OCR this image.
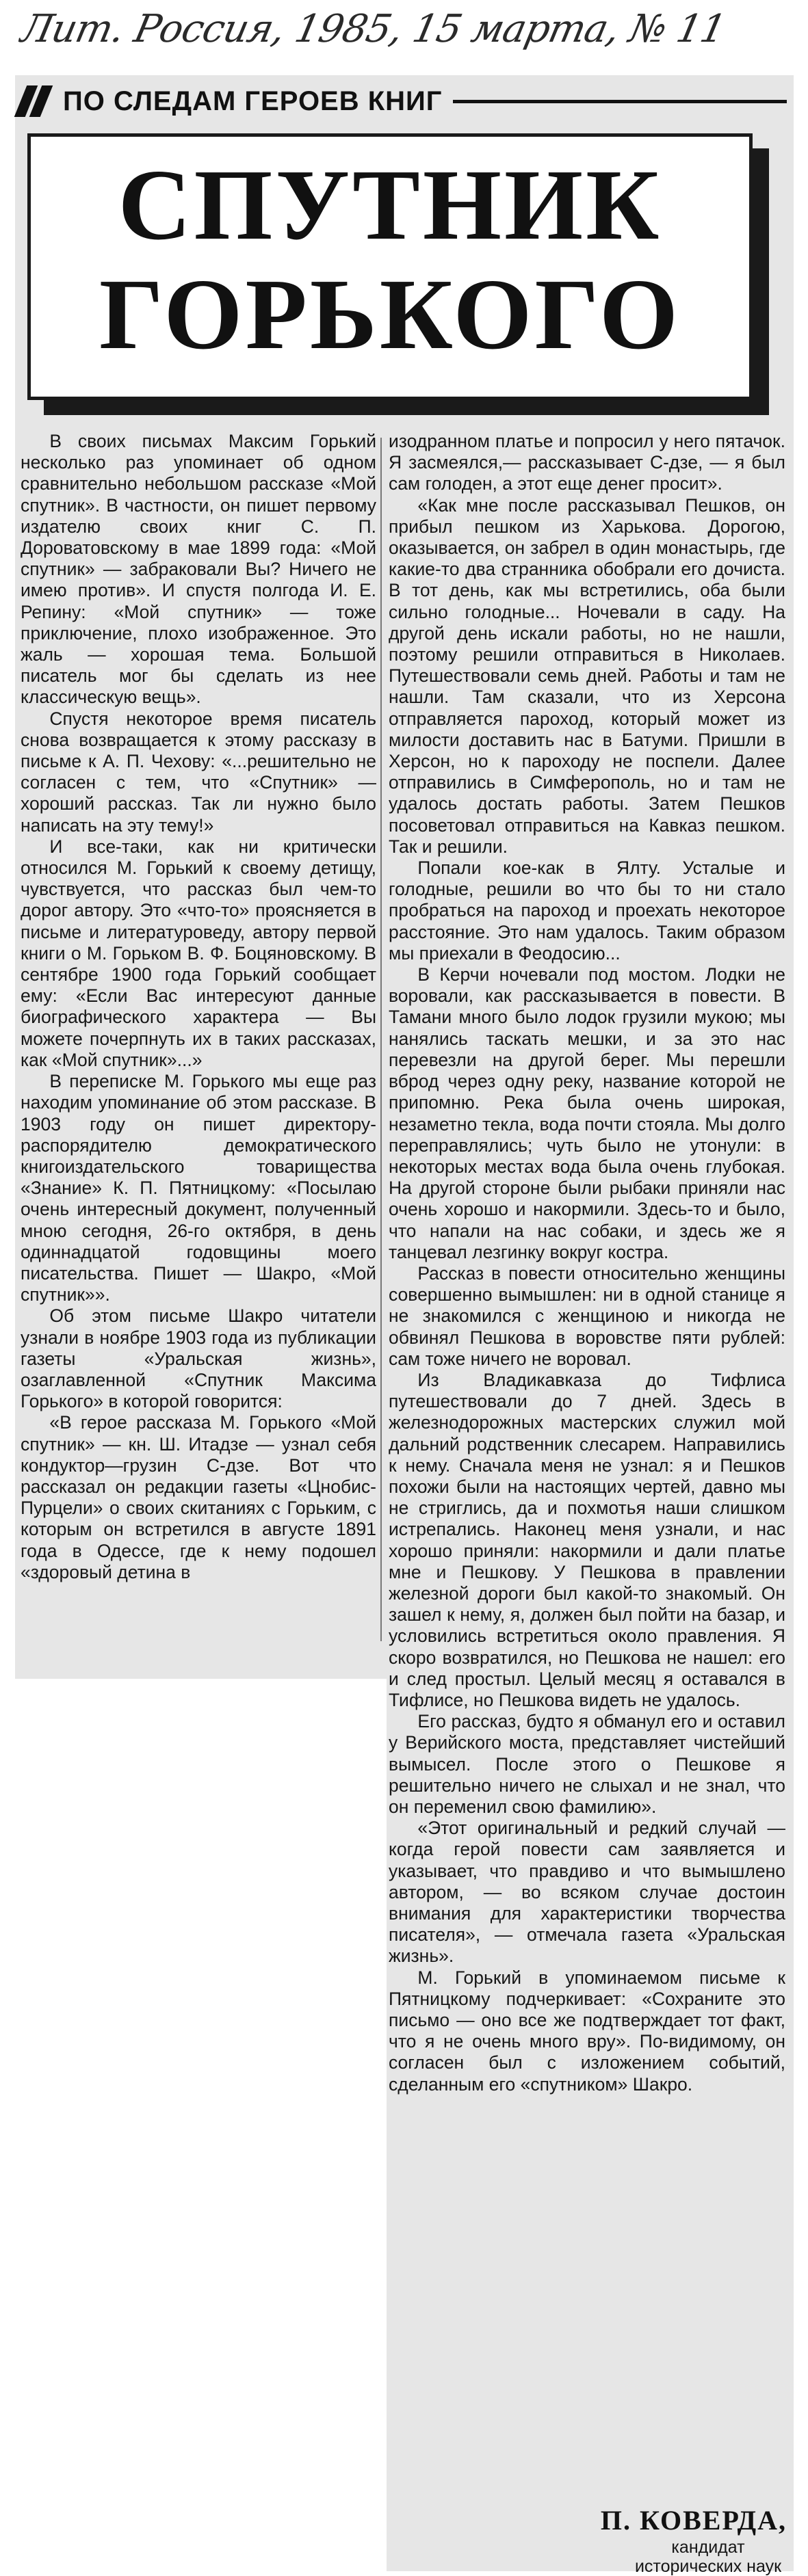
Лит. Россия, 1985, 15 марта, № 11
ПО СЛЕДАМ ГЕРОЕВ КНИГ
СПУТНИК
ГОРЬКОГО

В своих письмах Максим Горький несколько раз упоминает об одном сравнительно небольшом рассказе «Мой спутник». В частности, он пишет первому издателю своих книг С. П. Дороватовскому в мае 1899 года: «Мой спутник» — забраковали Вы? Ничего не имею против». И спустя полгода И. Е. Репину: «Мой спутник» — тоже приключение, плохо изображенное. Это жаль — хорошая тема. Большой писатель мог бы сделать из нее классическую вещь».

Спустя некоторое время писатель снова возвращается к этому рассказу в письме к А. П. Чехову: «...решительно не согласен с тем, что «Спутник» — хороший рассказ. Так ли нужно было написать на эту тему!»

И все-таки, как ни критически относился М. Горький к своему детищу, чувствуется, что рассказ был чем-то дорог автору. Это «что-то» проясняется в письме и литературоведу, автору первой книги о М. Горьком В. Ф. Боцяновскому. В сентябре 1900 года Горький сообщает ему: «Если Вас интересуют данные биографического характера — Вы можете почерпнуть их в таких рассказах, как «Мой спутник»...»

В переписке М. Горького мы еще раз находим упоминание об этом рассказе. В 1903 году он пишет директору-распорядителю демократического книгоиздательского товарищества «Знание» К. П. Пятницкому: «Посылаю очень интересный документ, полученный мною сегодня, 26-го октября, в день одиннадцатой годовщины моего писательства. Пишет — Шакро, «Мой спутник»».

Об этом письме Шакро читатели узнали в ноябре 1903 года из публикации газеты «Уральская жизнь», озаглавленной «Спутник Максима Горького» в которой говорится:

«В герое рассказа М. Горького «Мой спутник» — кн. Ш. Итадзе — узнал себя кондуктор—грузин С-дзе. Вот что рассказал он редакции газеты «Цнобис-Пурцели» о своих скитаниях с Горьким, с которым он встретился в августе 1891 года в Одессе, где к нему подошел «здоровый детина в

изодранном платье и попросил у него пятачок. Я засмеялся,— рассказывает С-дзе, — я был сам голоден, а этот еще денег просит».

«Как мне после рассказывал Пешков, он прибыл пешком из Харькова. Дорогою, оказывается, он забрел в один монастырь, где какие-то два странника обобрали его дочиста. В тот день, как мы встретились, оба были сильно голодные... Ночевали в саду. На другой день искали работы, но не нашли, поэтому решили отправиться в Николаев. Путешествовали семь дней. Работы и там не нашли. Там сказали, что из Херсона отправляется пароход, который может из милости доставить нас в Батуми. Пришли в Херсон, но к пароходу не поспели. Далее отправились в Симферополь, но и там не удалось достать работы. Затем Пешков посоветовал отправиться на Кавказ пешком. Так и решили.

Попали кое-как в Ялту. Усталые и голодные, решили во что бы то ни стало пробраться на пароход и проехать некоторое расстояние. Это нам удалось. Таким образом мы приехали в Феодосию...

В Керчи ночевали под мостом. Лодки не воровали, как рассказывается в повести. В Тамани много было лодок грузили мукою; мы нанялись таскать мешки, и за это нас перевезли на другой берег. Мы перешли вброд через одну реку, название которой не припомню. Река была очень широкая, незаметно текла, вода почти стояла. Мы долго переправлялись; чуть было не утонули: в некоторых местах вода была очень глубокая. На другой стороне были рыбаки приняли нас очень хорошо и накормили. Здесь-то и было, что напали на нас собаки, и здесь же я танцевал лезгинку вокруг костра.

Рассказ в повести относительно женщины совершенно вымышлен: ни в одной станице я не знакомился с женщиною и никогда не обвинял Пешкова в воровстве пяти рублей: сам тоже ничего не воровал.

Из Владикавказа до Тифлиса путешествовали до 7 дней. Здесь в железнодорожных мастерских служил мой дальний родственник слесарем. Направились к нему. Сначала меня не узнал: я и Пешков похожи были на настоящих чертей, давно мы не стриглись, да и похмотья наши слишком истрепались. Наконец меня узнали, и нас хорошо приняли: накормили и дали платье мне и Пешкову. У Пешкова в правлении железной дороги был какой-то знакомый. Он зашел к нему, я, должен был пойти на базар, и условились встретиться около правления. Я скоро возвратился, но Пешкова не нашел: его и след простыл. Целый месяц я оставался в Тифлисе, но Пешкова видеть не удалось.

Его рассказ, будто я обманул его и оставил у Верийского моста, представляет чистейший вымысел. После этого о Пешкове я решительно ничего не слыхал и не знал, что он переменил свою фамилию».

«Этот оригинальный и редкий случай — когда герой повести сам заявляется и указывает, что правдиво и что вымышлено автором, — во всяком случае достоин внимания для характеристики творчества писателя», — отмечала газета «Уральская жизнь».

М. Горький в упоминаемом письме к Пятницкому подчеркивает: «Сохраните это письмо — оно все же подтверждает тот факт, что я не очень много вру». По-видимому, он согласен был с изложением событий, сделанным его «спутником» Шакро.

П. КОВЕРДА,
кандидат исторических наук
